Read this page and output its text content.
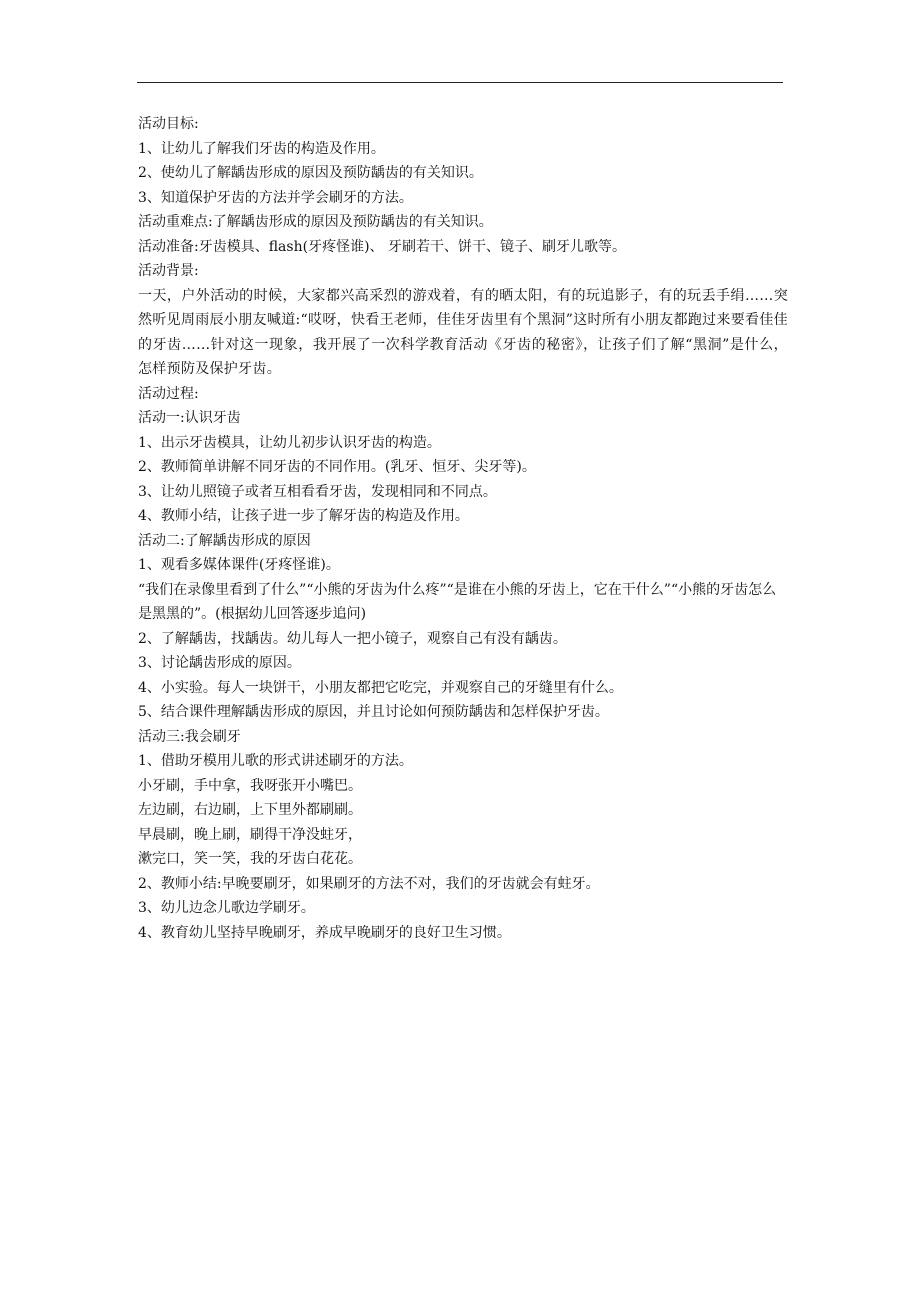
活动目标:

1、让幼儿了解我们牙齿的构造及作用。

2、使幼儿了解龋齿形成的原因及预防龋齿的有关知识。

3、知道保护牙齿的方法并学会刷牙的方法。

活动重难点:了解龋齿形成的原因及预防龋齿的有关知识。

活动准备:牙齿模具、flash(牙疼怪谁)、 牙刷若干、饼干、镜子、刷牙儿歌等。

活动背景:

一天，户外活动的时候，大家都兴高采烈的游戏着，有的晒太阳，有的玩追影子，有的玩丢手绢……突然听见周雨辰小朋友喊道:“哎呀，快看王老师，佳佳牙齿里有个黑洞”这时所有小朋友都跑过来要看佳佳的牙齿……针对这一现象，我开展了一次科学教育活动《牙齿的秘密》，让孩子们了解“黑洞”是什么，怎样预防及保护牙齿。

活动过程:

活动一:认识牙齿

1、出示牙齿模具，让幼儿初步认识牙齿的构造。

2、教师简单讲解不同牙齿的不同作用。(乳牙、恒牙、尖牙等)。

3、让幼儿照镜子或者互相看看牙齿，发现相同和不同点。

4、教师小结，让孩子进一步了解牙齿的构造及作用。

活动二:了解龋齿形成的原因

1、观看多媒体课件(牙疼怪谁)。

“我们在录像里看到了什么”“小熊的牙齿为什么疼”“是谁在小熊的牙齿上，它在干什么”“小熊的牙齿怎么是黑黑的”。(根据幼儿回答逐步追问)

2、了解龋齿，找龋齿。幼儿每人一把小镜子，观察自己有没有龋齿。

3、讨论龋齿形成的原因。

4、小实验。每人一块饼干，小朋友都把它吃完，并观察自己的牙缝里有什么。

5、结合课件理解龋齿形成的原因，并且讨论如何预防龋齿和怎样保护牙齿。

活动三:我会刷牙

1、借助牙模用儿歌的形式讲述刷牙的方法。

小牙刷，手中拿，我呀张开小嘴巴。

左边刷，右边刷，上下里外都刷刷。

早晨刷，晚上刷，刷得干净没蛀牙，

漱完口，笑一笑，我的牙齿白花花。

2、教师小结:早晚要刷牙，如果刷牙的方法不对，我们的牙齿就会有蛀牙。

3、幼儿边念儿歌边学刷牙。

4、教育幼儿坚持早晚刷牙，养成早晚刷牙的良好卫生习惯。
